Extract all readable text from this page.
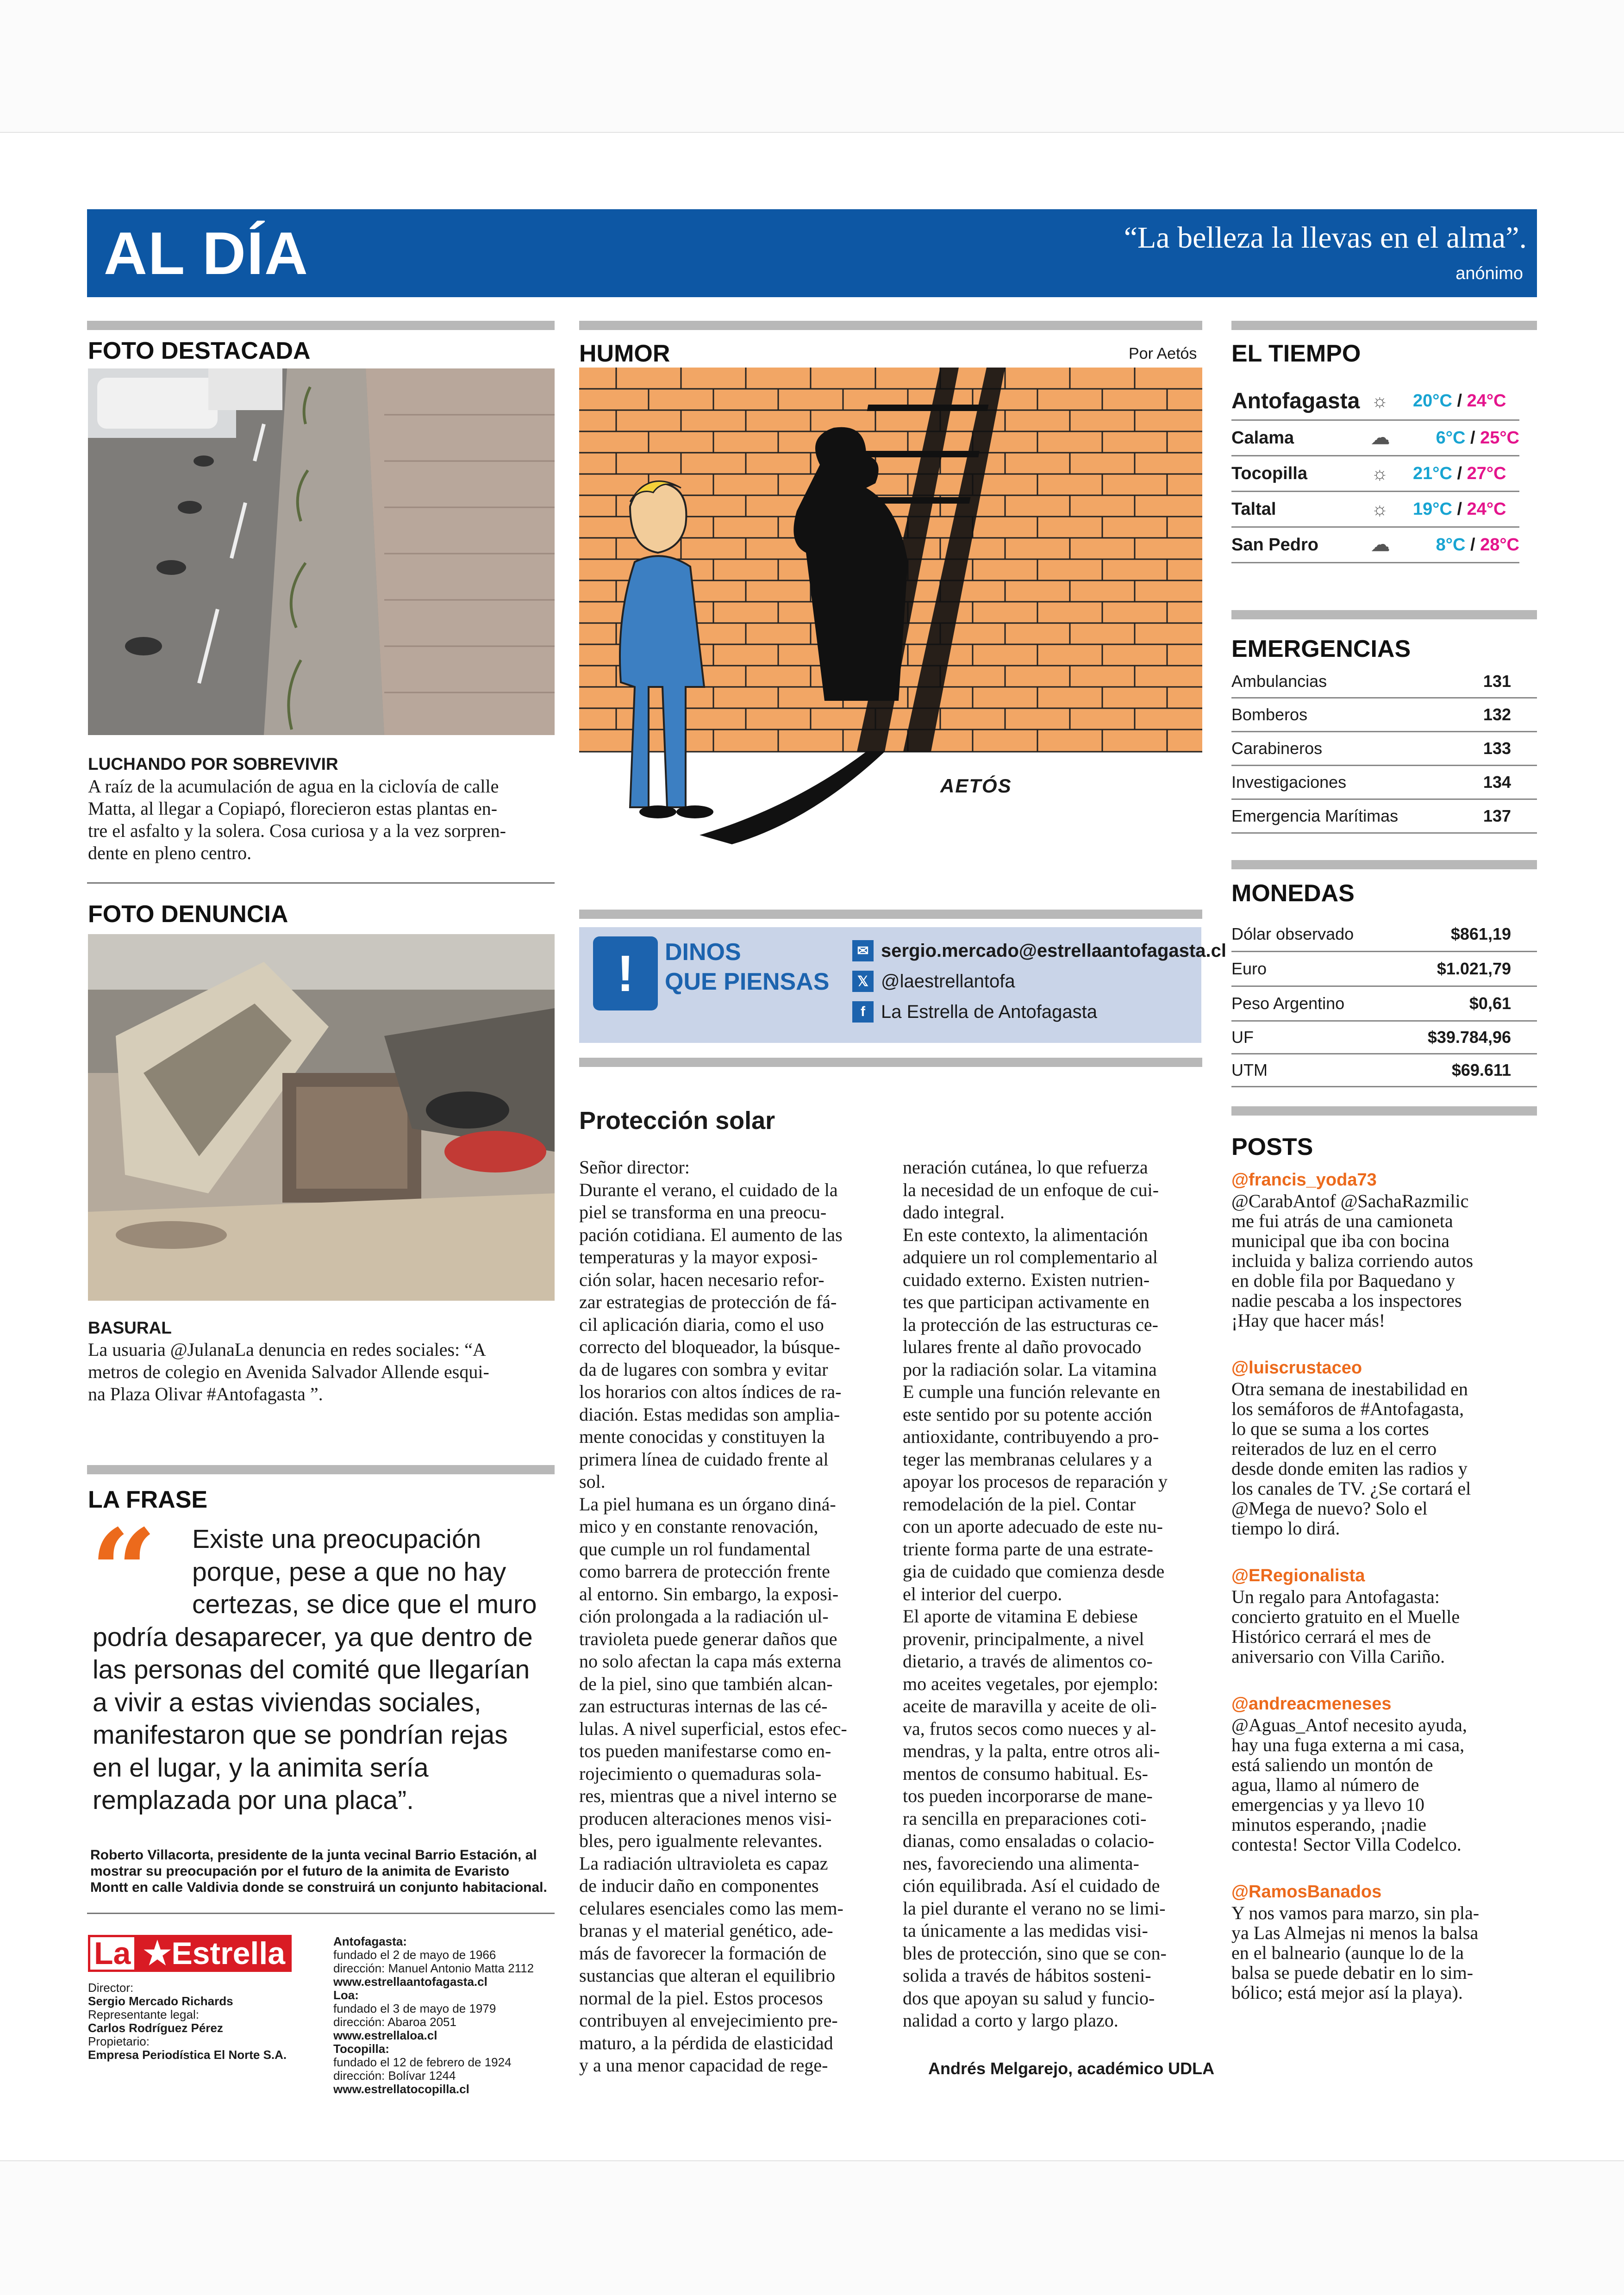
AL DÍA	“La belleza la llevas en el alma”.
anónimo
FOTO DESTACADA
LUCHANDO POR SOBREVIVIR
A raíz de la acumulación de agua en la ciclovía de calle
Matta, al llegar a Copiapó, florecieron estas plantas en-
tre el asfalto y la solera. Cosa curiosa y a la vez sorpren-
dente en pleno centro.
FOTO DENUNCIA
BASURAL
La usuaria @JulanaLa denuncia en redes sociales: “A
metros de colegio en Avenida Salvador Allende esqui-
na Plaza Olivar #Antofagasta ”.
LA FRASE
“	Existe una preocupación
porque, pese a que no hay
certezas, se dice que el muro
podría desaparecer, ya que dentro de
las personas del comité que llegarían
a vivir a estas viviendas sociales,
manifestaron que se pondrían rejas
en el lugar, y la animita sería
remplazada por una placa”.
Roberto Villacorta, presidente de la junta vecinal Barrio Estación, al
mostrar su preocupación por el futuro de la animita de Evaristo
Montt en calle Valdivia donde se construirá un conjunto habitacional.
La ★Estrella
Director:
Sergio Mercado Richards
Representante legal:
Carlos Rodríguez Pérez
Propietario:
Empresa Periodística El Norte S.A.
Antofagasta:
fundado el 2 de mayo de 1966
dirección: Manuel Antonio Matta 2112
www.estrellaantofagasta.cl
Loa:
fundado el 3 de mayo de 1979
dirección: Abaroa 2051
www.estrellaloa.cl
Tocopilla:
fundado el 12 de febrero de 1924
dirección: Bolívar 1244
www.estrellatocopilla.cl
HUMOR	Por Aetós
AETÓS
!	DINOS
QUE PIENSAS
✉ sergio.mercado@estrellaantofagasta.cl
𝕏 @laestrellantofa
f La Estrella de Antofagasta
Protección solar

Señor director:

Durante el verano, el cuidado de la

piel se transforma en una preocu-

pación cotidiana. El aumento de las

temperaturas y la mayor exposi-

ción solar, hacen necesario refor-

zar estrategias de protección de fá-

cil aplicación diaria, como el uso

correcto del bloqueador, la búsque-

da de lugares con sombra y evitar

los horarios con altos índices de ra-

diación. Estas medidas son amplia-

mente conocidas y constituyen la

primera línea de cuidado frente al

sol.

La piel humana es un órgano diná-

mico y en constante renovación,

que cumple un rol fundamental

como barrera de protección frente

al entorno. Sin embargo, la exposi-

ción prolongada a la radiación ul-

travioleta puede generar daños que

no solo afectan la capa más externa

de la piel, sino que también alcan-

zan estructuras internas de las cé-

lulas. A nivel superficial, estos efec-

tos pueden manifestarse como en-

rojecimiento o quemaduras sola-

res, mientras que a nivel interno se

producen alteraciones menos visi-

bles, pero igualmente relevantes.

La radiación ultravioleta es capaz

de inducir daño en componentes

celulares esenciales como las mem-

branas y el material genético, ade-

más de favorecer la formación de

sustancias que alteran el equilibrio

normal de la piel. Estos procesos

contribuyen al envejecimiento pre-

maturo, a la pérdida de elasticidad

y a una menor capacidad de rege-

neración cutánea, lo que refuerza

la necesidad de un enfoque de cui-

dado integral.

En este contexto, la alimentación

adquiere un rol complementario al

cuidado externo. Existen nutrien-

tes que participan activamente en

la protección de las estructuras ce-

lulares frente al daño provocado

por la radiación solar. La vitamina

E cumple una función relevante en

este sentido por su potente acción

antioxidante, contribuyendo a pro-

teger las membranas celulares y a

apoyar los procesos de reparación y

remodelación de la piel. Contar

con un aporte adecuado de este nu-

triente forma parte de una estrate-

gia de cuidado que comienza desde

el interior del cuerpo.

El aporte de vitamina E debiese

provenir, principalmente, a nivel

dietario, a través de alimentos co-

mo aceites vegetales, por ejemplo:

aceite de maravilla y aceite de oli-

va, frutos secos como nueces y al-

mendras, y la palta, entre otros ali-

mentos de consumo habitual. Es-

tos pueden incorporarse de mane-

ra sencilla en preparaciones coti-

dianas, como ensaladas o colacio-

nes, favoreciendo una alimenta-

ción equilibrada. Así el cuidado de

la piel durante el verano no se limi-

ta únicamente a las medidas visi-

bles de protección, sino que se con-

solida a través de hábitos sosteni-

dos que apoyan su salud y funcio-

nalidad a corto y largo plazo.

Andrés Melgarejo, académico UDLA
EL TIEMPO
Antofagasta ☼	20°C / 24°C
Calama	☁	6°C / 25°C
Tocopilla	☼	21°C / 27°C
Taltal	☼	19°C / 24°C
San Pedro	☁	8°C / 28°C
EMERGENCIAS
Ambulancias	131
Bomberos	132
Carabineros	133
Investigaciones	134
Emergencia Marítimas	137
MONEDAS
Dólar observado	$861,19
Euro	$1.021,79
Peso Argentino	$0,61
UF	$39.784,96
UTM	$69.611
POSTS
@francis_yoda73
@CarabAntof @SachaRazmilic
me fui atrás de una camioneta
municipal que iba con bocina
incluida y baliza corriendo autos
en doble fila por Baquedano y
nadie pescaba a los inspectores
¡Hay que hacer más!
@luiscrustaceo
Otra semana de inestabilidad en
los semáforos de #Antofagasta,
lo que se suma a los cortes
reiterados de luz en el cerro
desde donde emiten las radios y
los canales de TV. ¿Se cortará el
@Mega de nuevo? Solo el
tiempo lo dirá.
@ERegionalista
Un regalo para Antofagasta:
concierto gratuito en el Muelle
Histórico cerrará el mes de
aniversario con Villa Cariño.
@andreacmeneses
@Aguas_Antof necesito ayuda,
hay una fuga externa a mi casa,
está saliendo un montón de
agua, llamo al número de
emergencias y ya llevo 10
minutos esperando, ¡nadie
contesta! Sector Villa Codelco.
@RamosBanados
Y nos vamos para marzo, sin pla-
ya Las Almejas ni menos la balsa
en el balneario (aunque lo de la
balsa se puede debatir en lo sim-
bólico; está mejor así la playa).
